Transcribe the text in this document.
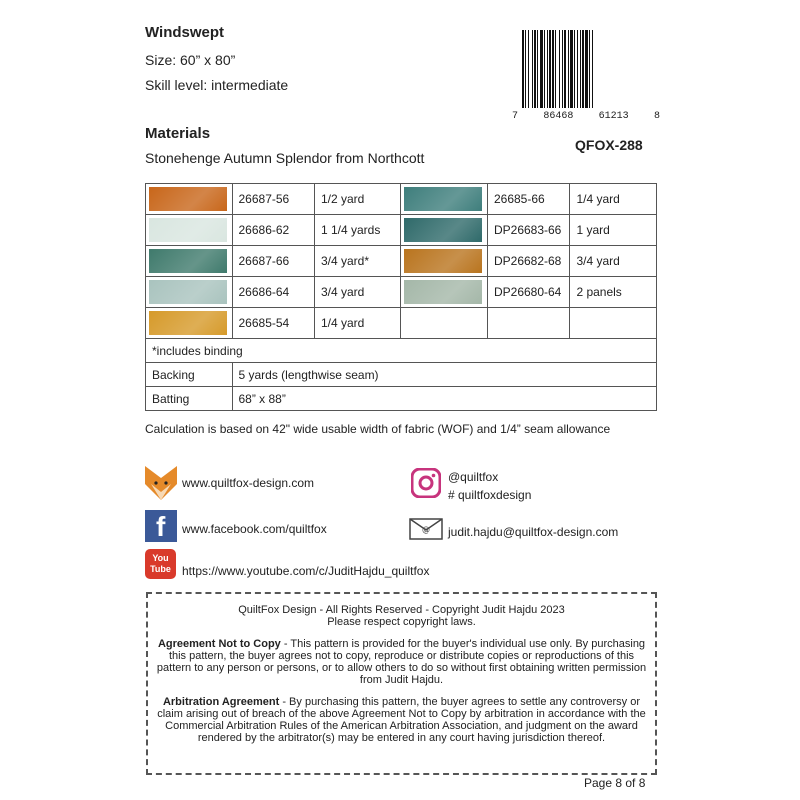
Windswept
Size: 60” x 80”
Skill level: intermediate
7	86468	61213	8
QFOX-288
Materials
Stonehenge Autumn Splendor from Northcott
	26687-56	1/2 yard		26685-66	1/4 yard

	26686-62	1 1/4 yards		DP26683-66	1 yard

	26687-66	3/4 yard*		DP26682-68	3/4 yard

	26686-64	3/4 yard		DP26680-64	2 panels

	26685-54	1/4 yard			
*includes binding					
Backing	5 yards (lengthwise seam)				
Batting	68” x 88”				
Calculation is based on 42" wide usable width of fabric (WOF) and 1/4” seam allowance
www.quiltfox-design.com
f www.facebook.com/quiltfox
You Tube https://www.youtube.com/c/JuditHajdu_quiltfox
@quiltfox
# quiltfoxdesign
@ judit.hajdu@quiltfox-design.com

QuiltFox Design - All Rights Reserved - Copyright Judit Hajdu 2023
Please respect copyright laws.

Agreement Not to Copy - This pattern is provided for the buyer's individual use only. By purchasing this pattern, the buyer agrees not to copy, reproduce or distribute copies or reproductions of this pattern to any person or persons, or to allow others to do so without first obtaining written permission from Judit Hajdu.

Arbitration Agreement - By purchasing this pattern, the buyer agrees to settle any controversy or claim arising out of breach of the above Agreement Not to Copy by arbitration in accordance with the Commercial Arbitration Rules of the American Arbitration Association, and judgment on the award rendered by the arbitrator(s) may be entered in any court having jurisdiction thereof.

Page 8 of 8
